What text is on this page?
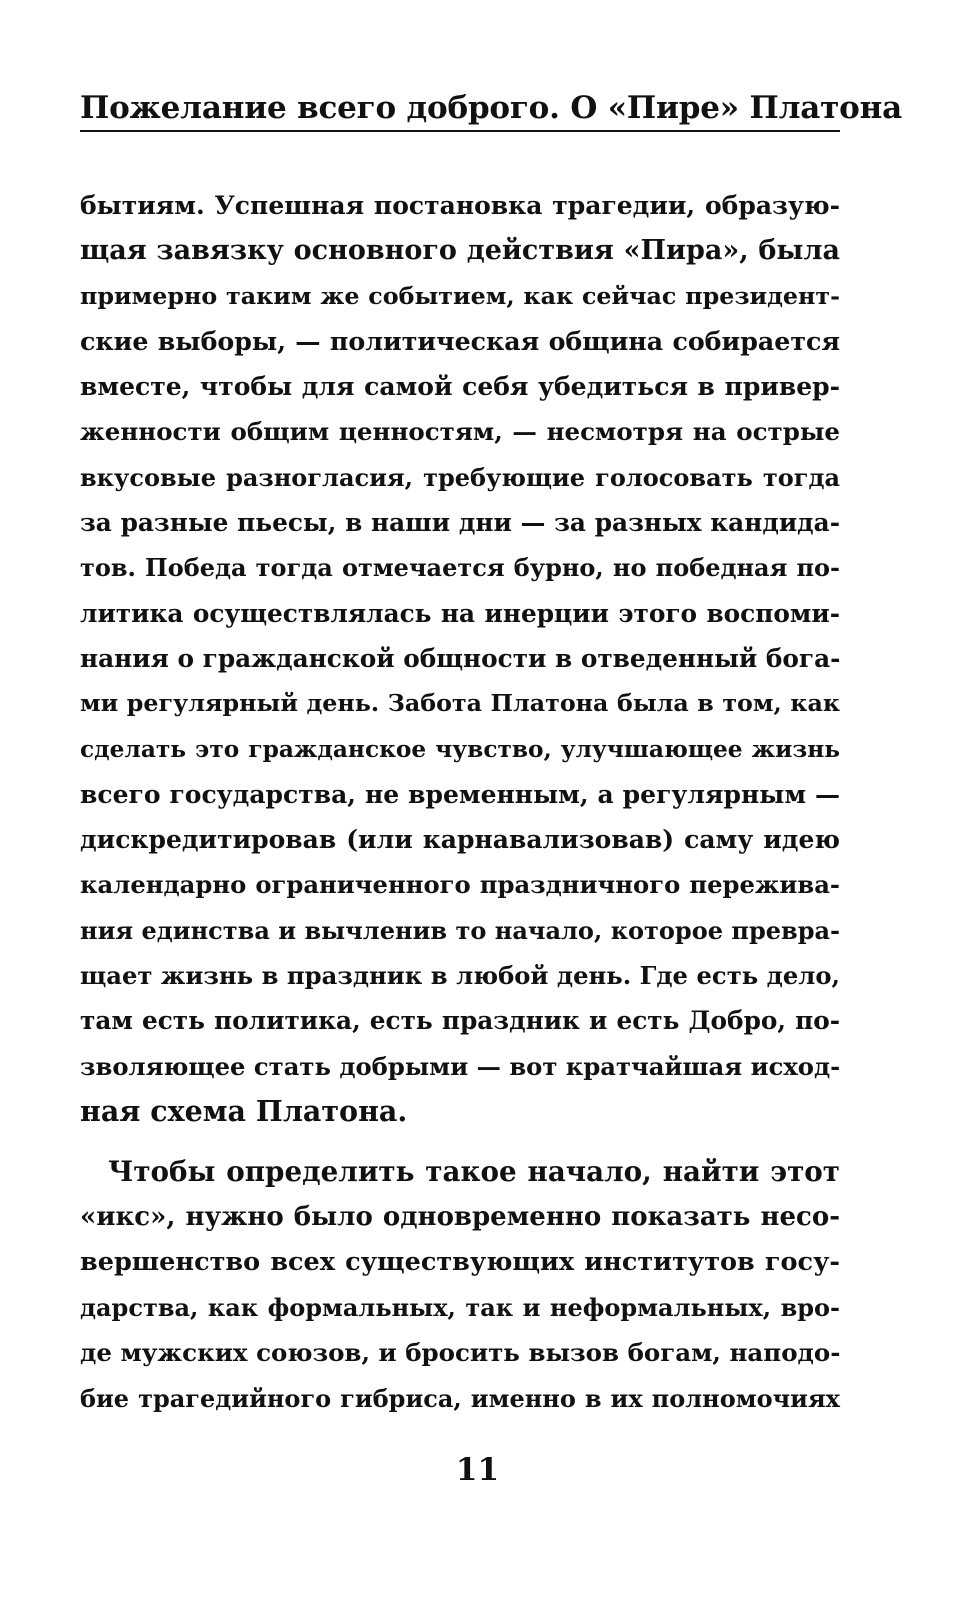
Пожелание всего доброго. О «Пире» Платона
бытиям. Успешная постановка трагедии, образую-
щая завязку основного действия «Пира», была
примерно таким же событием, как сейчас президент-
ские выборы, — политическая община собирается
вместе, чтобы для самой себя убедиться в привер-
женности общим ценностям, — несмотря на острые
вкусовые разногласия, требующие голосовать тогда
за разные пьесы, в наши дни — за разных кандида-
тов. Победа тогда отмечается бурно, но победная по-
литика осуществлялась на инерции этого воспоми-
нания о гражданской общности в отведенный бога-
ми регулярный день. Забота Платона была в том, как
сделать это гражданское чувство, улучшающее жизнь
всего государства, не временным, а регулярным —
дискредитировав (или карнавализовав) саму идею
календарно ограниченного праздничного пережива-
ния единства и вычленив то начало, которое превра-
щает жизнь в праздник в любой день. Где есть дело,
там есть политика, есть праздник и есть Добро, по-
зволяющее стать добрыми — вот кратчайшая исход-
ная схема Платона.
Чтобы определить такое начало, найти этот
«икс», нужно было одновременно показать несо-
вершенство всех существующих институтов госу-
дарства, как формальных, так и неформальных, вро-
де мужских союзов, и бросить вызов богам, наподо-
бие трагедийного гибриса, именно в их полномочиях
11
